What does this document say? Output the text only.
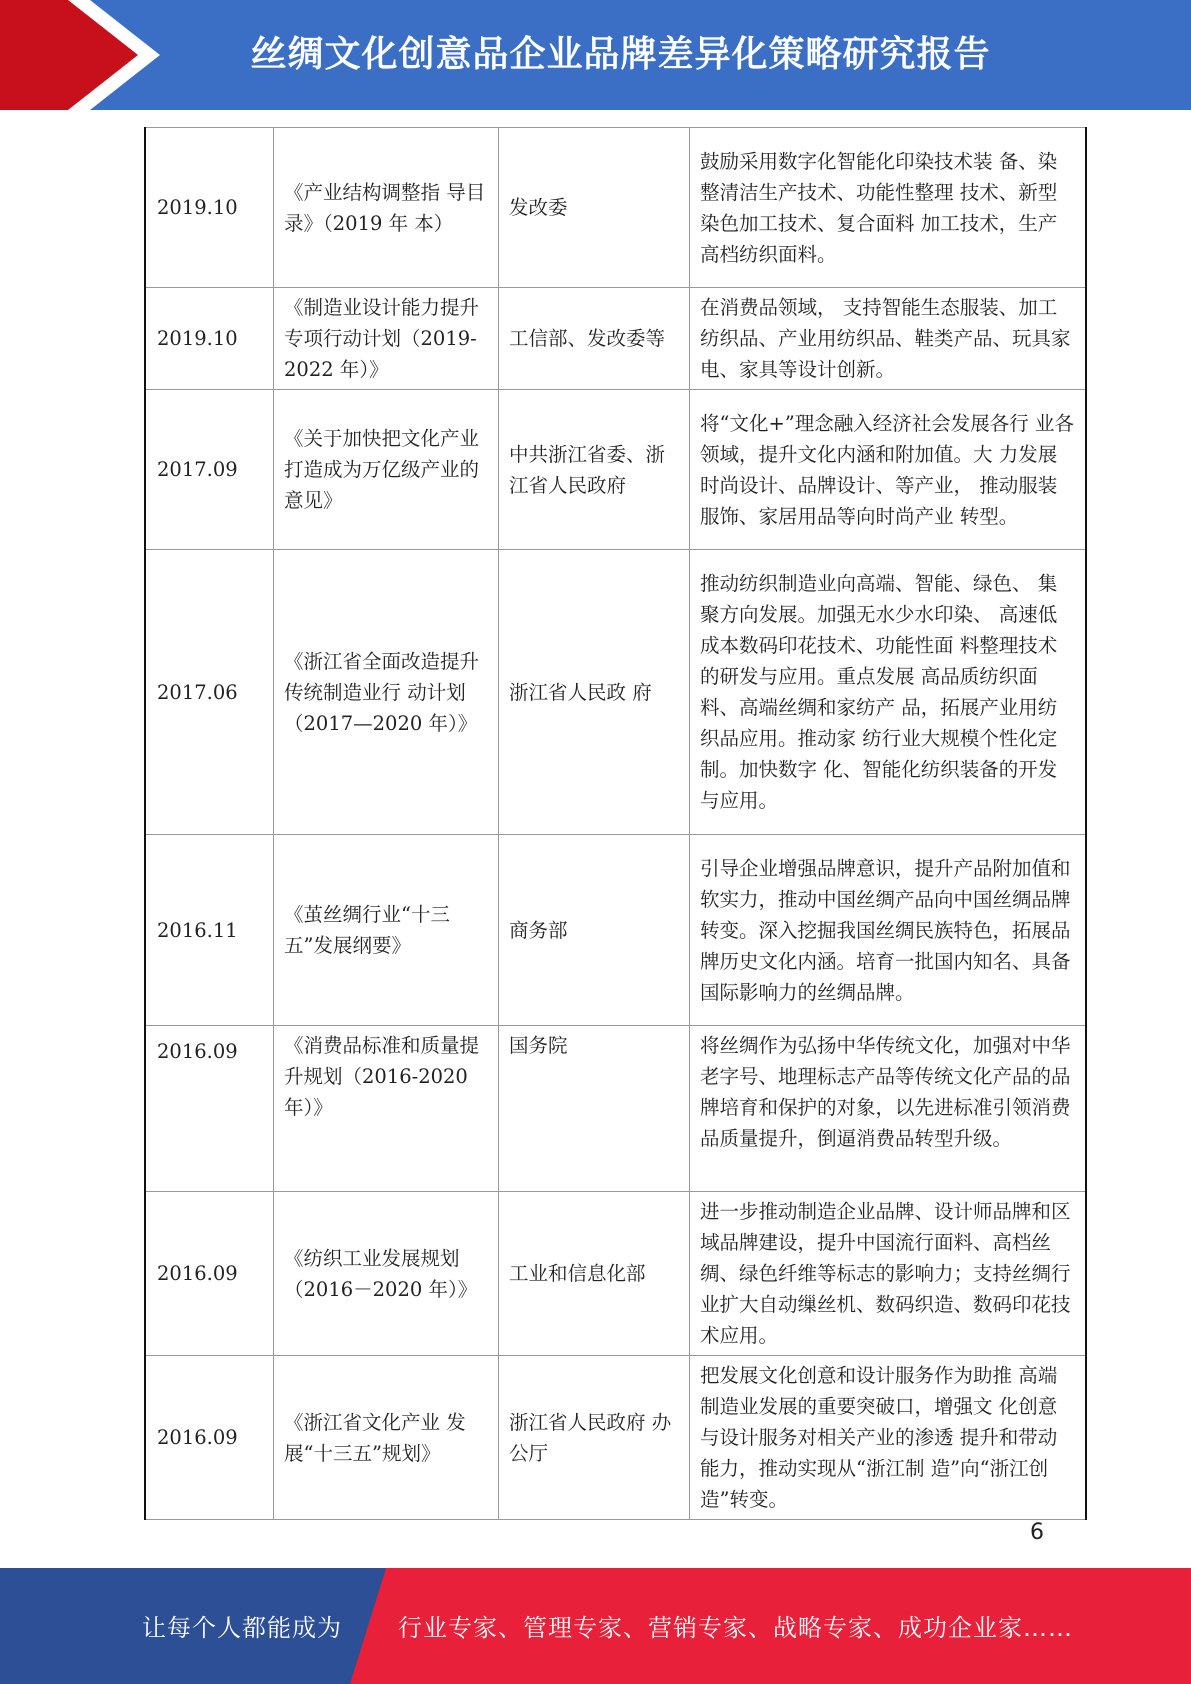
丝绸文化创意品企业品牌差异化策略研究报告
2019.10	《产业结构调整指 导目录》（2019 年 本）	发改委	鼓励采用数字化智能化印染技术装 备、染整清洁生产技术、功能性整理 技术、新型染色加工技术、复合面料 加工技术，生产高档纺织面料。
2019.10	《制造业设计能力提升专项行动计划（2019-2022 年）》	工信部、发改委等	在消费品领域， 支持智能生态服装、加工纺织品、产业用纺织品、鞋类产品、玩具家电、家具等设计创新。
2017.09	《关于加快把文化产业打造成为万亿级产业的意见》	中共浙江省委、浙江省人民政府	将“文化+”理念融入经济社会发展各行 业各领域，提升文化内涵和附加值。大 力发展时尚设计、品牌设计、等产业， 推动服装服饰、家居用品等向时尚产业 转型。
2017.06	《浙江省全面改造提升传统制造业行 动计划（2017—2020 年）》	浙江省人民政 府	推动纺织制造业向高端、智能、绿色、 集聚方向发展。加强无水少水印染、 高速低成本数码印花技术、功能性面 料整理技术的研发与应用。重点发展 高品质纺织面料、高端丝绸和家纺产 品，拓展产业用纺织品应用。推动家 纺行业大规模个性化定制。加快数字 化、智能化纺织装备的开发与应用。
2016.11	《茧丝绸行业“十三五”发展纲要》	商务部	引导企业增强品牌意识，提升产品附加值和软实力，推动中国丝绸产品向中国丝绸品牌转变。深入挖掘我国丝绸民族特色，拓展品牌历史文化内涵。培育一批国内知名、具备国际影响力的丝绸品牌。
2016.09	《消费品标准和质量提升规划（2016-2020 年）》	国务院	将丝绸作为弘扬中华传统文化，加强对中华老字号、地理标志产品等传统文化产品的品牌培育和保护的对象，以先进标准引领消费品质量提升，倒逼消费品转型升级。
2016.09	《纺织工业发展规划（2016－2020 年）》	工业和信息化部	进一步推动制造企业品牌、设计师品牌和区域品牌建设，提升中国流行面料、高档丝绸、绿色纤维等标志的影响力；支持丝绸行业扩大自动缫丝机、数码织造、数码印花技术应用。
2016.09	《浙江省文化产业 发展“十三五”规划》	浙江省人民政府 办公厅	把发展文化创意和设计服务作为助推 高端制造业发展的重要突破口，增强文 化创意与设计服务对相关产业的渗透 提升和带动能力，推动实现从“浙江制 造”向“浙江创造”转变。
6
让每个人都能成为 行业专家、管理专家、营销专家、战略专家、成功企业家……
